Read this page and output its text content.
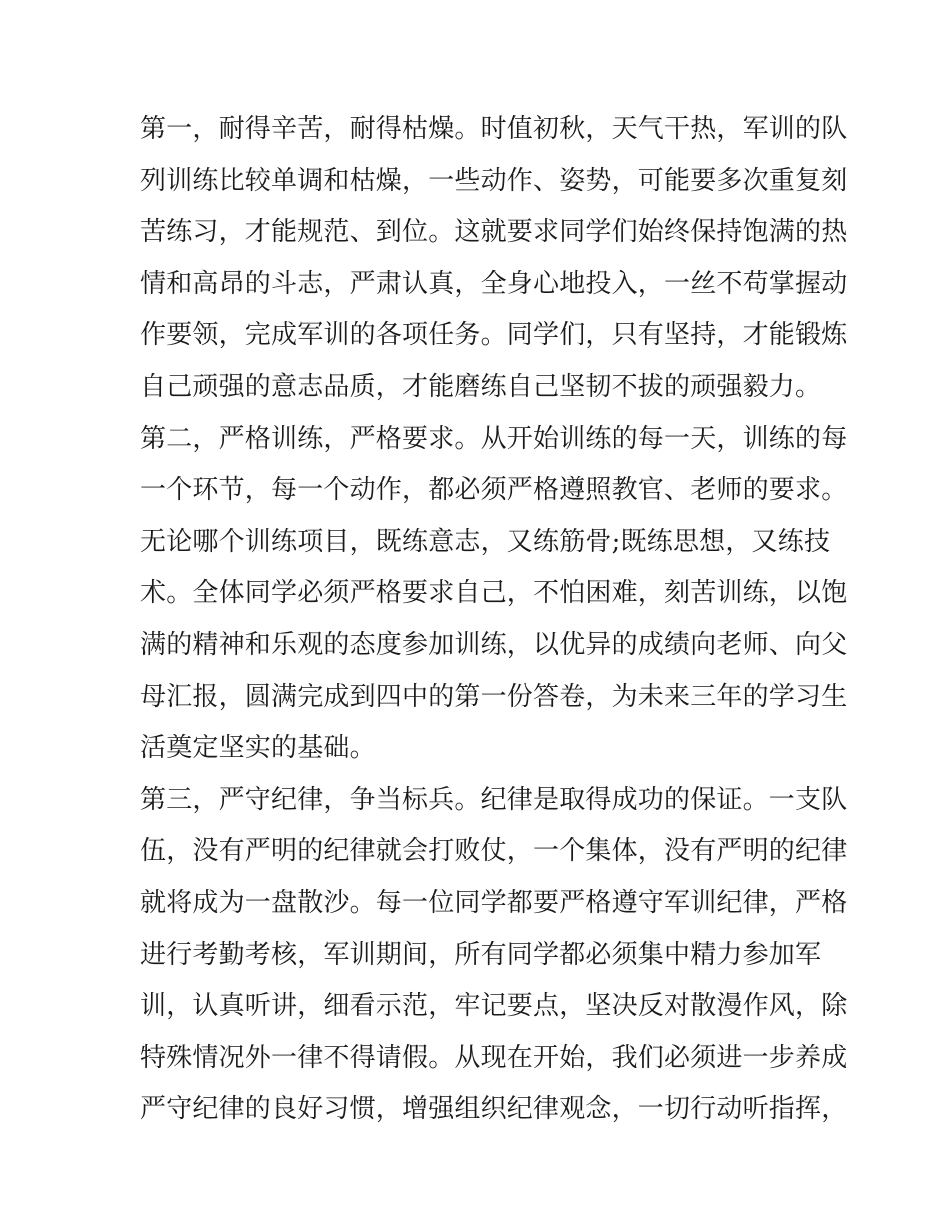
第一，耐得辛苦，耐得枯燥。时值初秋，天气干热，军训的队
列训练比较单调和枯燥，一些动作、姿势，可能要多次重复刻
苦练习，才能规范、到位。这就要求同学们始终保持饱满的热
情和高昂的斗志，严肃认真，全身心地投入，一丝不苟掌握动
作要领，完成军训的各项任务。同学们，只有坚持，才能锻炼
自己顽强的意志品质，才能磨练自己坚韧不拔的顽强毅力。
第二，严格训练，严格要求。从开始训练的每一天，训练的每
一个环节，每一个动作，都必须严格遵照教官、老师的要求。
无论哪个训练项目，既练意志，又练筋骨;既练思想，又练技
术。全体同学必须严格要求自己，不怕困难，刻苦训练，以饱
满的精神和乐观的态度参加训练，以优异的成绩向老师、向父
母汇报，圆满完成到四中的第一份答卷，为未来三年的学习生
活奠定坚实的基础。
第三，严守纪律，争当标兵。纪律是取得成功的保证。一支队
伍，没有严明的纪律就会打败仗，一个集体，没有严明的纪律
就将成为一盘散沙。每一位同学都要严格遵守军训纪律，严格
进行考勤考核，军训期间，所有同学都必须集中精力参加军
训，认真听讲，细看示范，牢记要点，坚决反对散漫作风，除
特殊情况外一律不得请假。从现在开始，我们必须进一步养成
严守纪律的良好习惯，增强组织纪律观念，一切行动听指挥，
